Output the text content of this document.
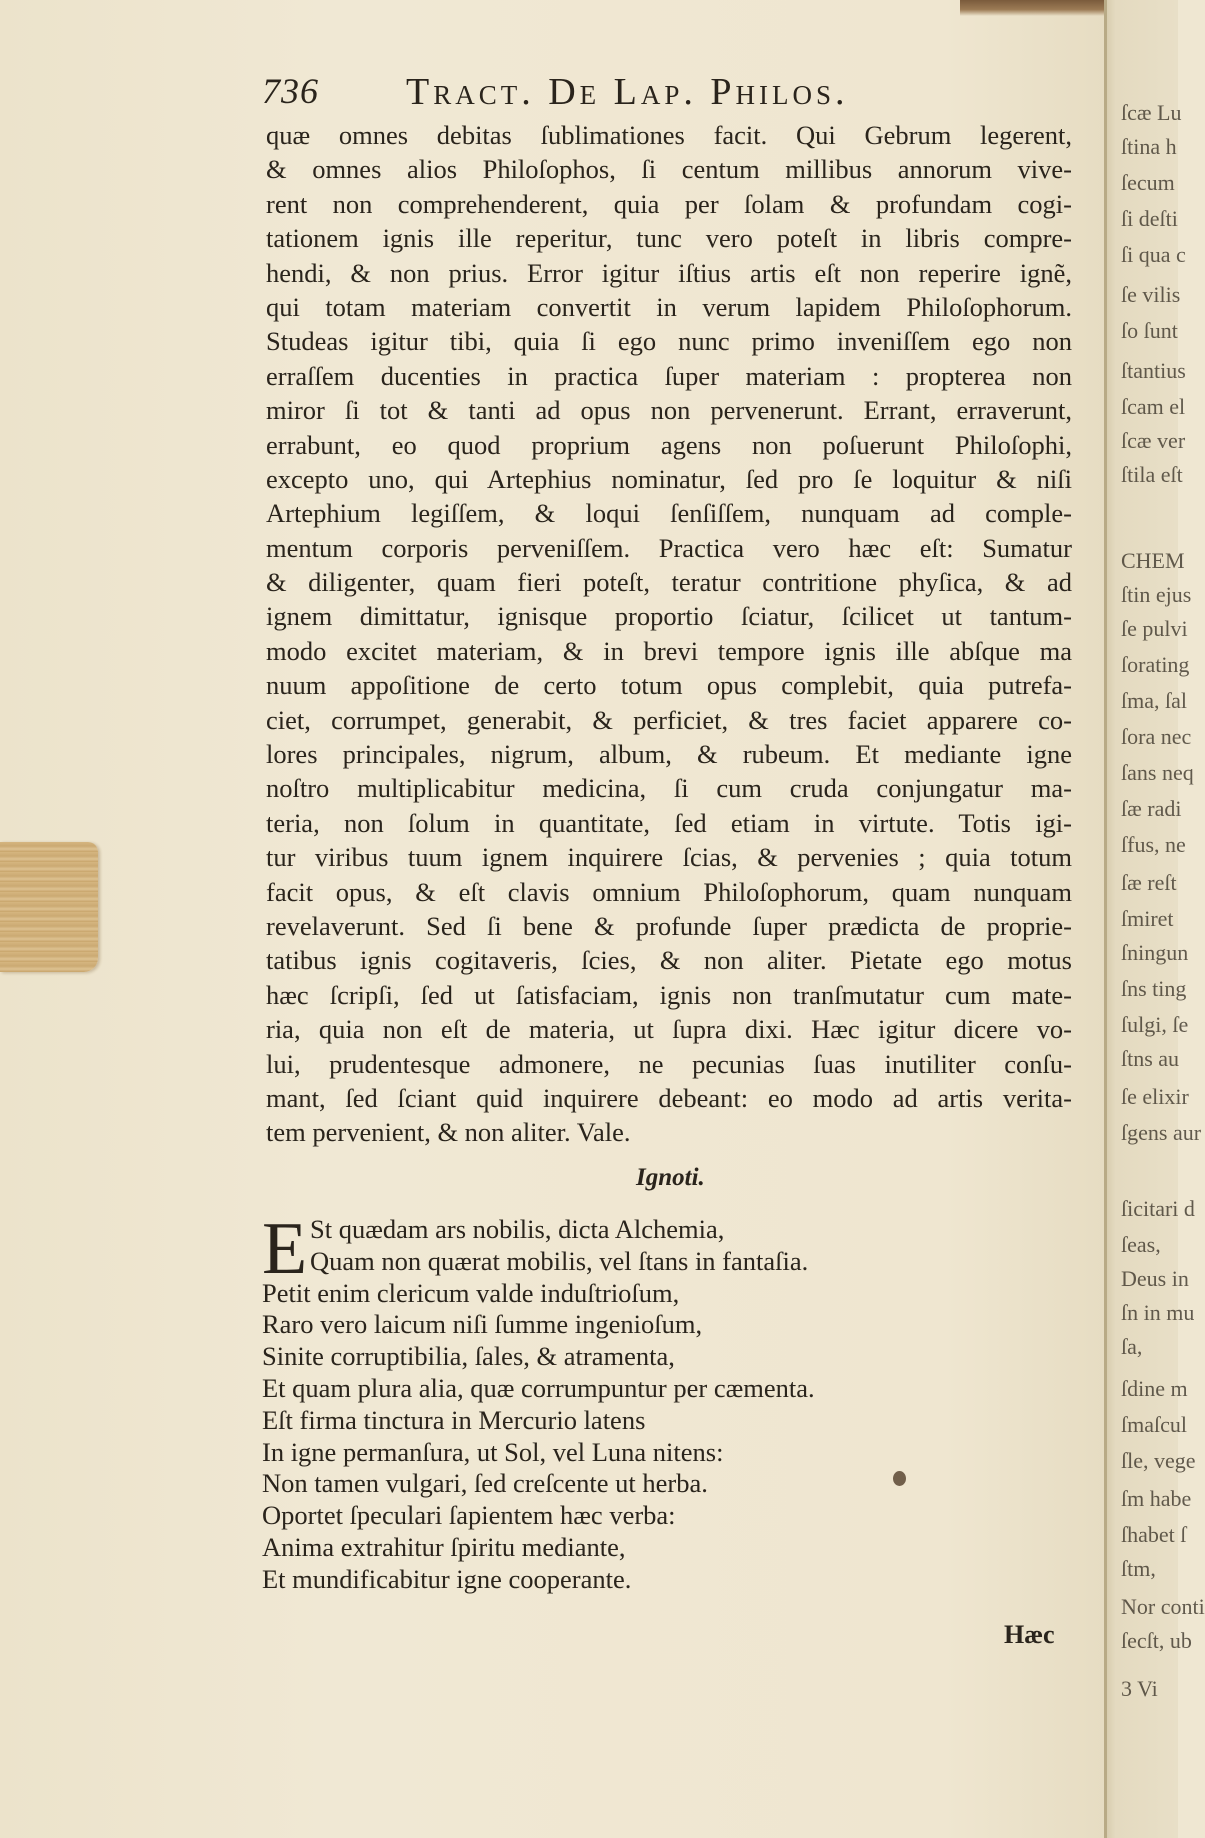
736 Tract. De Lap. Philos.
quæ omnes debitas ſublimationes facit. Qui Gebrum legerent,
& omnes alios Philoſophos, ſi centum millibus annorum vive-
rent non comprehenderent, quia per ſolam & profundam cogi-
tationem ignis ille reperitur, tunc vero poteſt in libris compre-
hendi, & non prius. Error igitur iſtius artis eſt non reperire ignẽ,
qui totam materiam convertit in verum lapidem Philoſophorum.
Studeas igitur tibi, quia ſi ego nunc primo inveniſſem ego non
erraſſem ducenties in practica ſuper materiam : propterea non
miror ſi tot & tanti ad opus non pervenerunt. Errant, erraverunt,
errabunt, eo quod proprium agens non poſuerunt Philoſophi,
excepto uno, qui Artephius nominatur, ſed pro ſe loquitur & niſi
Artephium legiſſem, & loqui ſenſiſſem, nunquam ad comple-
mentum corporis perveniſſem. Practica vero hæc eſt: Sumatur
& diligenter, quam fieri poteſt, teratur contritione phyſica, & ad
ignem dimittatur, ignisque proportio ſciatur, ſcilicet ut tantum-
modo excitet materiam, & in brevi tempore ignis ille abſque ma
nuum appoſitione de certo totum opus complebit, quia putrefa-
ciet, corrumpet, generabit, & perficiet, & tres faciet apparere co-
lores principales, nigrum, album, & rubeum. Et mediante igne
noſtro multiplicabitur medicina, ſi cum cruda conjungatur ma-
teria, non ſolum in quantitate, ſed etiam in virtute. Totis igi-
tur viribus tuum ignem inquirere ſcias, & pervenies ; quia totum
facit opus, & eſt clavis omnium Philoſophorum, quam nunquam
revelaverunt. Sed ſi bene & profunde ſuper prædicta de proprie-
tatibus ignis cogitaveris, ſcies, & non aliter. Pietate ego motus
hæc ſcripſi, ſed ut ſatisfaciam, ignis non tranſmutatur cum mate-
ria, quia non eſt de materia, ut ſupra dixi. Hæc igitur dicere vo-
lui, prudentesque admonere, ne pecunias ſuas inutiliter conſu-
mant, ſed ſciant quid inquirere debeant: eo modo ad artis verita-
tem pervenient, & non aliter. Vale.
Ignoti.
E St quædam ars nobilis, dicta Alchemia,
Quam non quærat mobilis, vel ſtans in fantaſia.
Petit enim clericum valde induſtrioſum,
Raro vero laicum niſi ſumme ingenioſum,
Sinite corruptibilia, ſales, & atramenta,
Et quam plura alia, quæ corrumpuntur per cæmenta.
Eſt firma tinctura in Mercurio latens
In igne permanſura, ut Sol, vel Luna nitens:
Non tamen vulgari, ſed creſcente ut herba.
Oportet ſpeculari ſapientem hæc verba:
Anima extrahitur ſpiritu mediante,
Et mundificabitur igne cooperante.
Hæc
ſcæ Lu
ſtina h
ſecum
ſi deſti
ſi qua c
ſe vilis
ſo ſunt
ſtantius
ſcam el
ſcæ ver
ſtila eſt
CHEM
ſtin ejus
ſe pulvi
ſorating
ſma, ſal
ſora nec
ſans neq
ſæ radi
ſfus, ne
ſæ reſt
ſmiret
ſningun
ſns ting
ſulgi, ſe
ſtns au
ſe elixir
ſgens aur
ſicitari d
ſeas,
Deus in
ſn in mu
ſa,
ſdine m
ſmaſcul
ſle, vege
ſm habe
ſhabet ſ
ſtm,
Nor conti
ſecſt, ub
3 Vi
